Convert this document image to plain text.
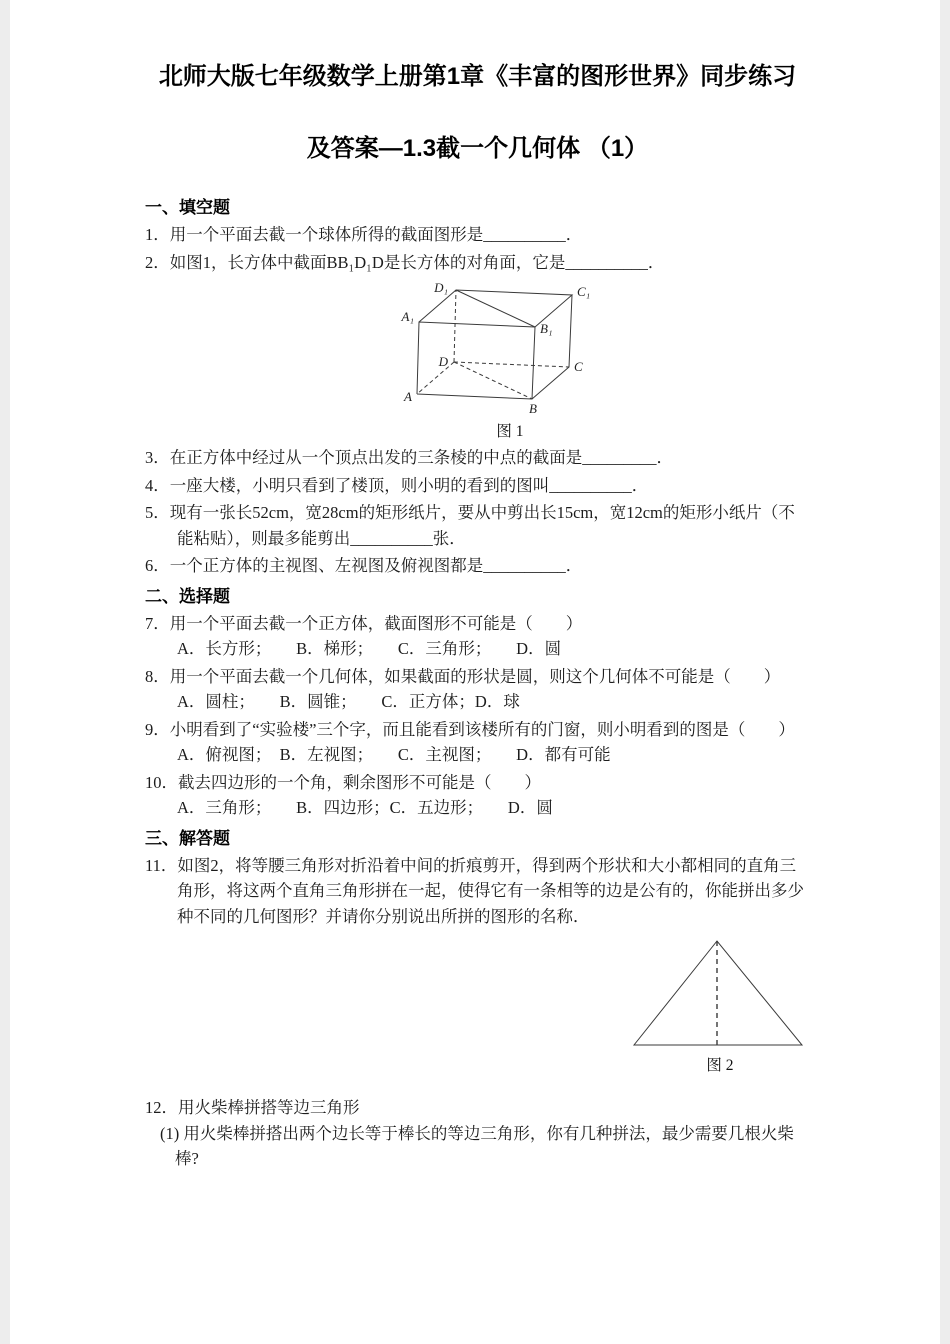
北师大版七年级数学上册第1章《丰富的图形世界》同步练习
及答案—1.3截一个几何体 （1）
一、填空题

1．用一个平面去截一个球体所得的截面图形是__________．

2．如图1，长方体中截面BB₁D₁D是长方体的对角面，它是__________．

D₁	C₁
A₁
B₁
D	C
A
B
图 1

3．在正方体中经过从一个顶点出发的三条棱的中点的截面是_________．

4．一座大楼，小明只看到了楼顶，则小明的看到的图叫__________．

5．现有一张长52cm，宽28cm的矩形纸片，要从中剪出长15cm，宽12cm的矩形小纸片（不能粘贴），则最多能剪出__________张．

6．一个正方体的主视图、左视图及俯视图都是__________．

二、选择题

7．用一个平面去截一个正方体，截面图形不可能是（　　）

A．长方形；　　B．梯形；　　C．三角形；　　D．圆

8．用一个平面去截一个几何体，如果截面的形状是圆，则这个几何体不可能是（　　）

A．圆柱；　　B．圆锥；　　C．正方体；D．球

9．小明看到了“实验楼”三个字，而且能看到该楼所有的门窗，则小明看到的图是（　　）

A．俯视图；　B．左视图；　　C．主视图；　　D．都有可能

10．截去四边形的一个角，剩余图形不可能是（　　）

A．三角形；　　B．四边形；C．五边形；　　D．圆

三、解答题

11．如图2，将等腰三角形对折沿着中间的折痕剪开，得到两个形状和大小都相同的直角三角形，将这两个直角三角形拼在一起，使得它有一条相等的边是公有的，你能拼出多少种不同的几何图形？并请你分别说出所拼的图形的名称．

图 2

12．用火柴棒拼搭等边三角形

(1) 用火柴棒拼搭出两个边长等于棒长的等边三角形，你有几种拼法，最少需要几根火柴棒?
